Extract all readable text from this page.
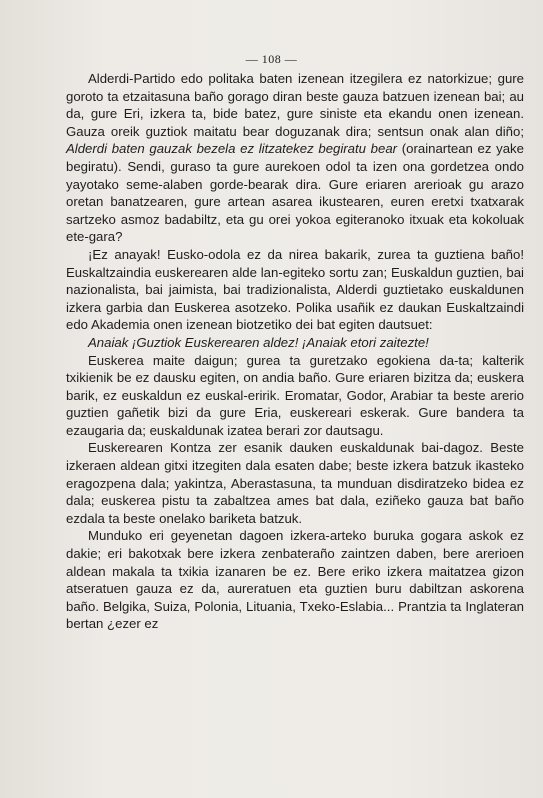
— 108 —

Alderdi-Partido edo politaka baten izenean itzegilera ez natorkizue; gure goroto ta etzaitasuna baño gorago diran beste gauza batzuen izenean bai; au da, gure Eri, izkera ta, bide batez, gure siniste eta ekandu onen izenean. Gauza oreik guztiok maitatu bear doguzanak dira; sentsun onak alan diño; Alderdi baten gauzak bezela ez litzatekez begiratu bear (orainartean ez yake begiratu). Sendi, guraso ta gure aurekoen odol ta izen ona gordetzea ondo yayotako seme-alaben gorde-bearak dira. Gure eriaren arerioak gu arazo oretan banatzearen, gure artean asarea ikustearen, euren eretxi txatxarak sartzeko asmoz badabiltz, eta gu orei yokoa egiteranoko itxuak eta kokoluak ete-gara?

¡Ez anayak! Eusko-odola ez da nirea bakarik, zurea ta guztiena baño! Euskaltzaindia euskerearen alde lan-egiteko sortu zan; Euskaldun guztien, bai nazionalista, bai jaimista, bai tradizionalista, Alderdi guztietako euskaldunen izkera garbia dan Euskerea asotzeko. Polika usañik ez daukan Euskaltzaindi edo Akademia onen izenean biotzetiko dei bat egiten dautsuet:

Anaiak ¡Guztiok Euskerearen aldez! ¡Anaiak etori zaitezte!

Euskerea maite daigun; gurea ta guretzako egokiena da-ta; kalterik txikienik be ez dausku egiten, on andia baño. Gure eriaren bizitza da; euskera barik, ez euskaldun ez euskal-eririk. Eromatar, Godor, Arabiar ta beste arerio guztien gañetik bizi da gure Eria, euskereari eskerak. Gure bandera ta ezaugaria da; euskaldunak izatea berari zor dautsagu.

Euskerearen Kontza zer esanik dauken euskaldunak bai-dagoz. Beste izkeraen aldean gitxi itzegiten dala esaten dabe; beste izkera batzuk ikasteko eragozpena dala; yakintza, Aberastasuna, ta munduan disdiratzeko bidea ez dala; euskerea pistu ta zabaltzea ames bat dala, eziñeko gauza bat baño ezdala ta beste onelako bariketa batzuk.

Munduko eri geyenetan dagoen izkera-arteko buruka gogara askok ez dakie; eri bakotxak bere izkera zenbateraño zaintzen daben, bere arerioen aldean makala ta txikia izanaren be ez. Bere eriko izkera maitatzea gizon atseratuen gauza ez da, aureratuen eta guztien buru dabiltzan askorena baño. Belgika, Suiza, Polonia, Lituania, Txeko-Eslabia... Prantzia ta Inglateran bertan ¿ezer ez
